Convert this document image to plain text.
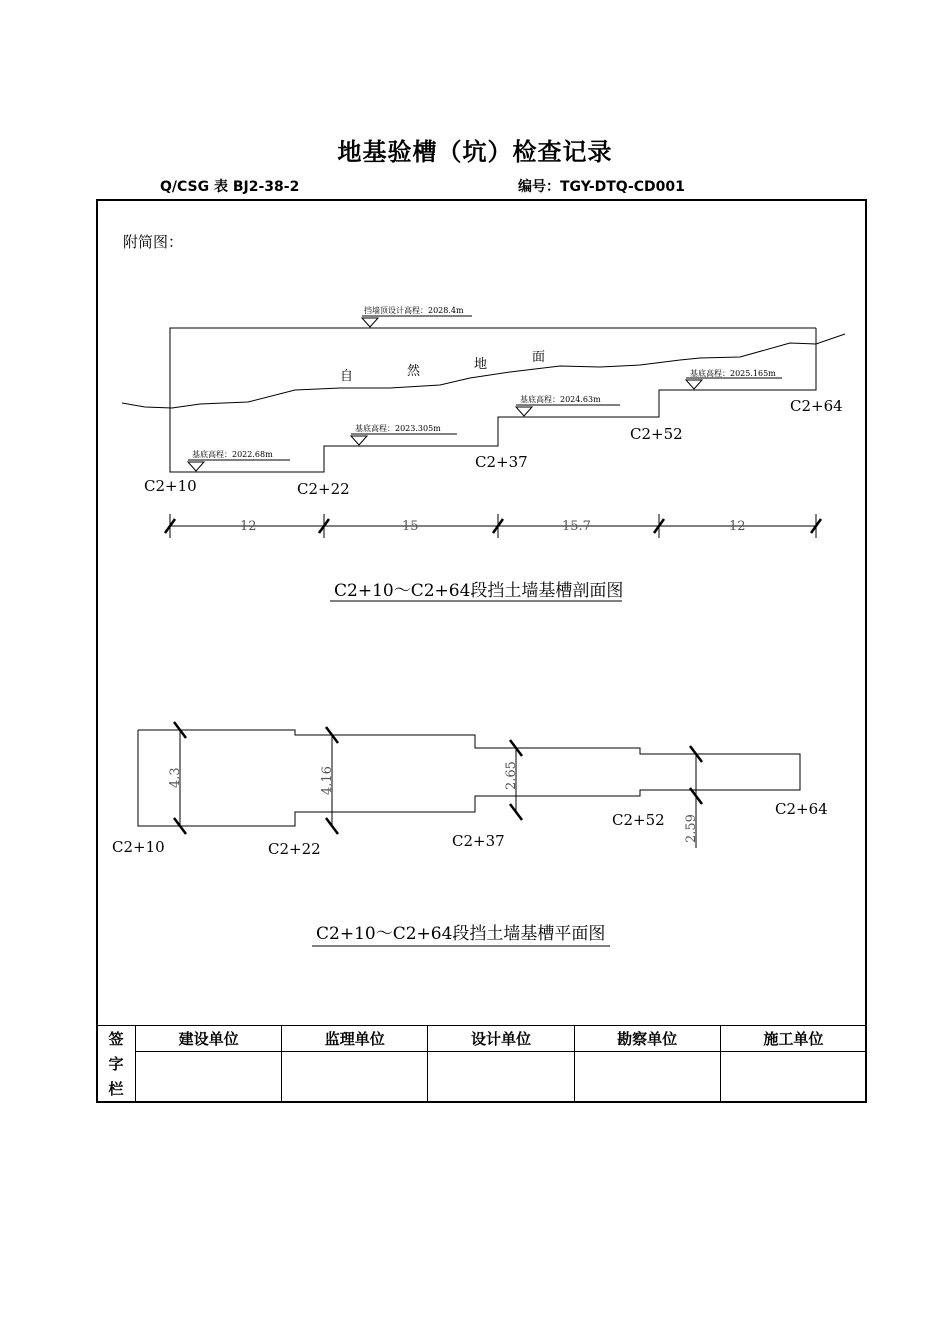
地基验槽（坑）检查记录
Q/CSG 表 BJ2-38-2	编号：TGY-DTQ-CD001
附简图：
挡墙顶设计高程：2028.4m
基底高程：2022.68m
基底高程：2023.305m
基底高程：2024.63m
基底高程：2025.165m
自	然	地	面
C2+10	C2+22
C2+37
C2+52
C2+64
12	15	15.7	12
C2+10～C2+64段挡土墙基槽剖面图
C2+10	C2+22	C2+37
C2+52
C2+64
4.3	4.16	2.65
2.59
C2+10～C2+64段挡土墙基槽平面图
签
字
栏	建设单位	监理单位	设计单位	勘察单位	施工单位
